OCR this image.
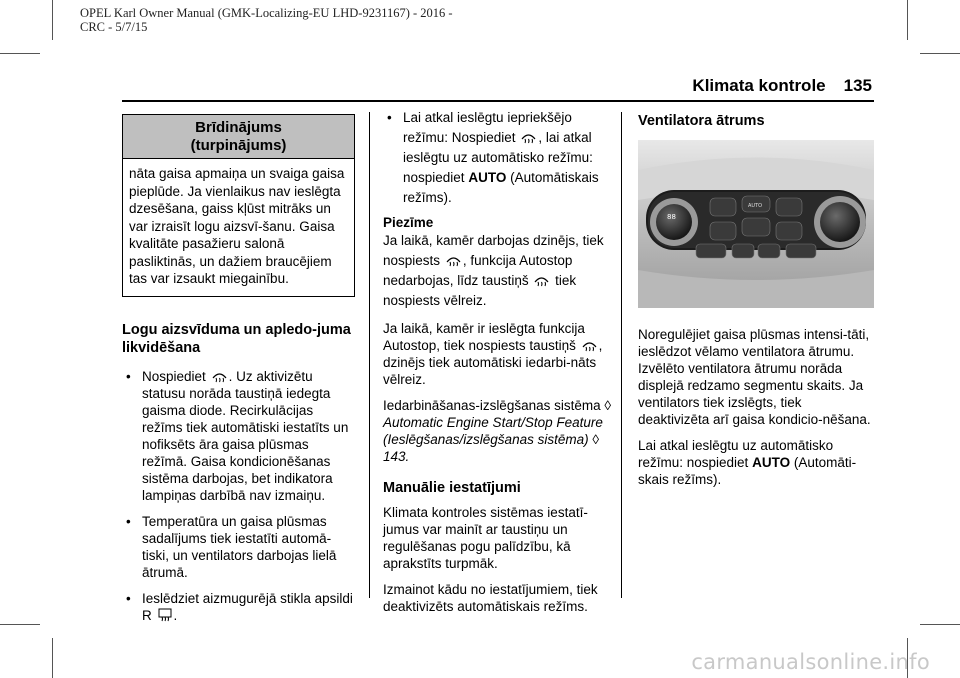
OPEL Karl Owner Manual (GMK-Localizing-EU LHD-9231167) - 2016 -
CRC - 5/7/15
Klimata kontrole 135
Brīdinājums
(turpinājums)
nāta gaisa apmaiņa un svaiga gaisa pieplūde. Ja vienlaikus nav ieslēgta dzesēšana, gaiss kļūst mitrāks un var izraisīt logu aizsvī-šanu. Gaisa kvalitāte pasažieru salonā pasliktinās, un dažiem braucējiem tas var izsaukt miegainību.
Logu aizsvīduma un apledo-juma likvidēšana
• Nospiediet . Uz aktivizētu statusu norāda taustiņā iedegta gaisma diode. Recirkulācijas režīms tiek automātiski iestatīts un nofiksēts āra gaisa plūsmas režīmā. Gaisa kondicionēšanas sistēma darbojas, bet indikatora lampiņas darbībā nav izmaiņu.
• Temperatūra un gaisa plūsmas sadalījums tiek iestatīti automā-tiski, un ventilators darbojas lielā ātrumā.
• Ieslēdziet aizmugurējā stikla apsildi R .
• Lai atkal ieslēgtu iepriekšējo režīmu: Nospiediet , lai atkal ieslēgtu uz automātisko režīmu: nospiediet AUTO (Automātiskais režīms).
Piezīme

Ja laikā, kamēr darbojas dzinējs, tiek nospiests , funkcija Autostop nedarbojas, līdz taustiņš tiek nospiests vēlreiz.

Ja laikā, kamēr ir ieslēgta funkcija Autostop, tiek nospiests taustiņš , dzinējs tiek automātiski iedarbi-nāts vēlreiz.

Iedarbināšanas-izslēgšanas sistēma ◊ Automatic Engine Start/Stop Feature (Ieslēgšanas/izslēgšanas sistēma) ◊ 143.

Manuālie iestatījumi

Klimata kontroles sistēmas iestatī-jumus var mainīt ar taustiņu un regulēšanas pogu palīdzību, kā aprakstīts turpmāk.

Izmainot kādu no iestatījumiem, tiek deaktivizēts automātiskais režīms.

Ventilatora ātrums
88
AUTO

Noregulējiet gaisa plūsmas intensi-tāti, ieslēdzot vēlamo ventilatora ātrumu. Izvēlēto ventilatora ātrumu norāda displejā redzamo segmentu skaits. Ja ventilators tiek izslēgts, tiek deaktivizēta arī gaisa kondicio-nēšana.

Lai atkal ieslēgtu uz automātisko režīmu: nospiediet AUTO (Automāti-skais režīms).

carmanualsonline.info
